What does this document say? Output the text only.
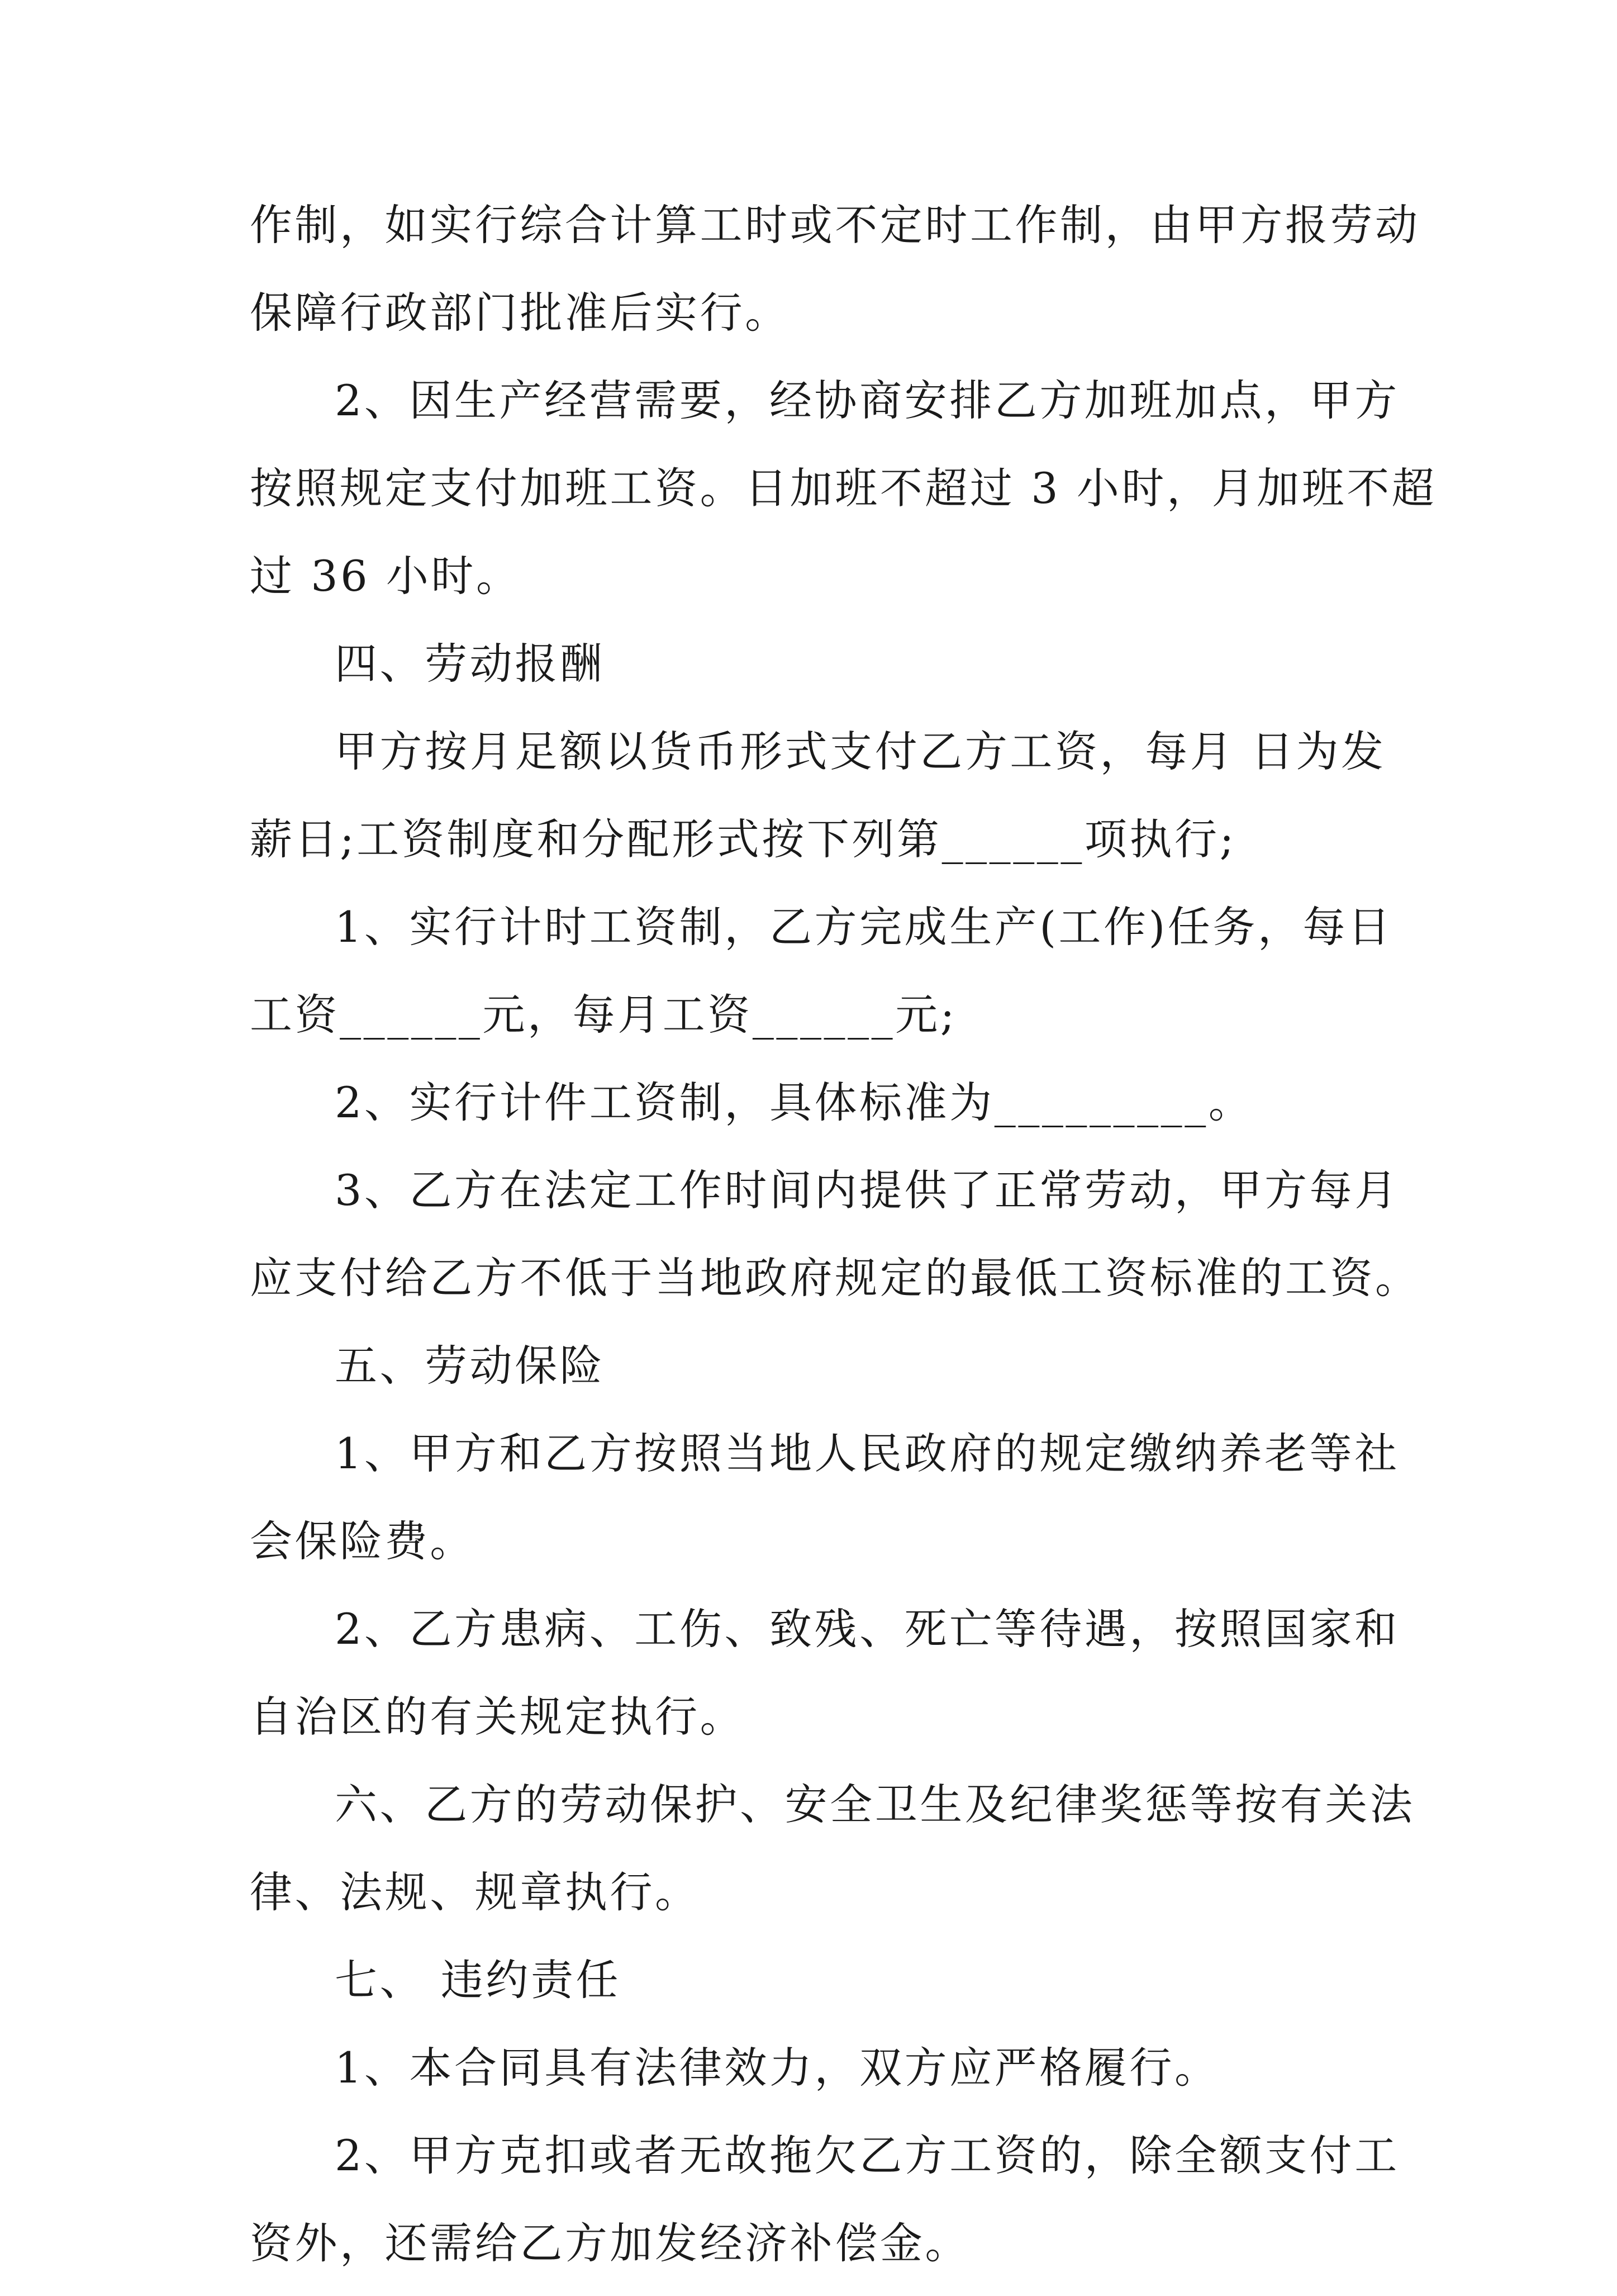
作制，如实行综合计算工时或不定时工作制，由甲方报劳动
保障行政部门批准后实行。
2、因生产经营需要，经协商安排乙方加班加点，甲方
按照规定支付加班工资。日加班不超过 3 小时，月加班不超
过 36 小时。
四、劳动报酬
甲方按月足额以货币形式支付乙方工资，每月 日为发
薪日;工资制度和分配形式按下列第______项执行;
1、实行计时工资制，乙方完成生产(工作)任务，每日
工资______元，每月工资______元;
2、实行计件工资制，具体标准为_________。
3、乙方在法定工作时间内提供了正常劳动，甲方每月
应支付给乙方不低于当地政府规定的最低工资标准的工资。
五、劳动保险
1、甲方和乙方按照当地人民政府的规定缴纳养老等社
会保险费。
2、乙方患病、工伤、致残、死亡等待遇，按照国家和
自治区的有关规定执行。
六、乙方的劳动保护、安全卫生及纪律奖惩等按有关法
律、法规、规章执行。
七、 违约责任
1、本合同具有法律效力，双方应严格履行。
2、甲方克扣或者无故拖欠乙方工资的，除全额支付工
资外，还需给乙方加发经济补偿金。
